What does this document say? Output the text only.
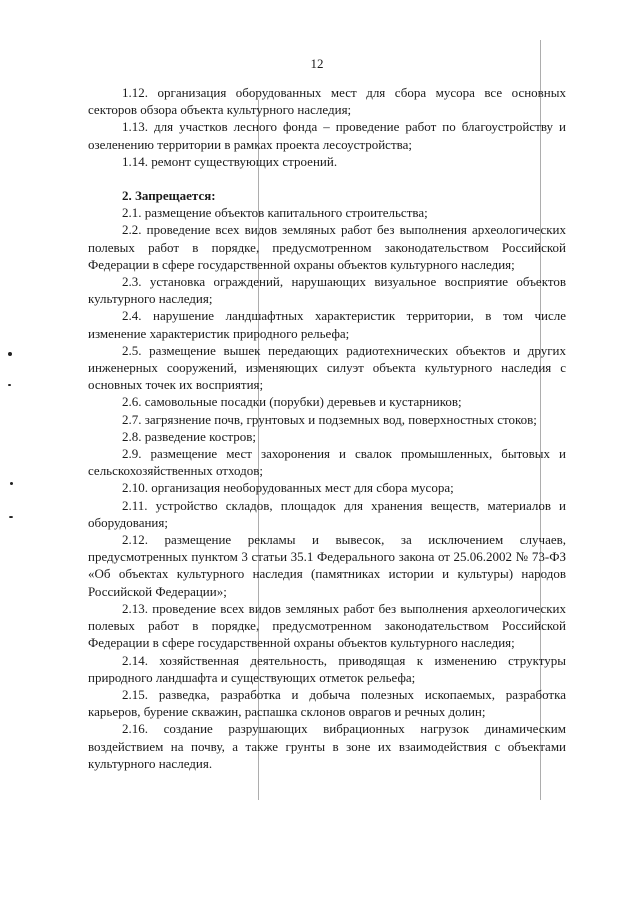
12

1.12. организация оборудованных мест для сбора мусора все основных секторов обзора объекта культурного наследия;

1.13. для участков лесного фонда – проведение работ по благоустройству и озеленению территории в рамках проекта лесоустройства;

1.14. ремонт существующих строений.

2. Запрещается:

2.1. размещение объектов капитального строительства;

2.2. проведение всех видов земляных работ без выполнения археологических полевых работ в порядке, предусмотренном законодательством Российской Федерации в сфере государственной охраны объектов культурного наследия;

2.3. установка ограждений, нарушающих визуальное восприятие объектов культурного наследия;

2.4. нарушение ландшафтных характеристик территории, в том числе изменение характеристик природного рельефа;

2.5. размещение вышек передающих радиотехнических объектов и других инженерных сооружений, изменяющих силуэт объекта культурного наследия с основных точек их восприятия;

2.6. самовольные посадки (порубки) деревьев и кустарников;

2.7. загрязнение почв, грунтовых и подземных вод, поверхностных стоков;

2.8. разведение костров;

2.9. размещение мест захоронения и свалок промышленных, бытовых и сельскохозяйственных отходов;

2.10. организация необорудованных мест для сбора мусора;

2.11. устройство складов, площадок для хранения веществ, материалов и оборудования;

2.12. размещение рекламы и вывесок, за исключением случаев, предусмотренных пунктом 3 статьи 35.1 Федерального закона от 25.06.2002 № 73-ФЗ «Об объектах культурного наследия (памятниках истории и культуры) народов Российской Федерации»;

2.13. проведение всех видов земляных работ без выполнения археологических полевых работ в порядке, предусмотренном законодательством Российской Федерации в сфере государственной охраны объектов культурного наследия;

2.14. хозяйственная деятельность, приводящая к изменению структуры природного ландшафта и существующих отметок рельефа;

2.15. разведка, разработка и добыча полезных ископаемых, разработка карьеров, бурение скважин, распашка склонов оврагов и речных долин;

2.16. создание разрушающих вибрационных нагрузок динамическим воздействием на почву, а также грунты в зоне их взаимодействия с объектами культурного наследия.
